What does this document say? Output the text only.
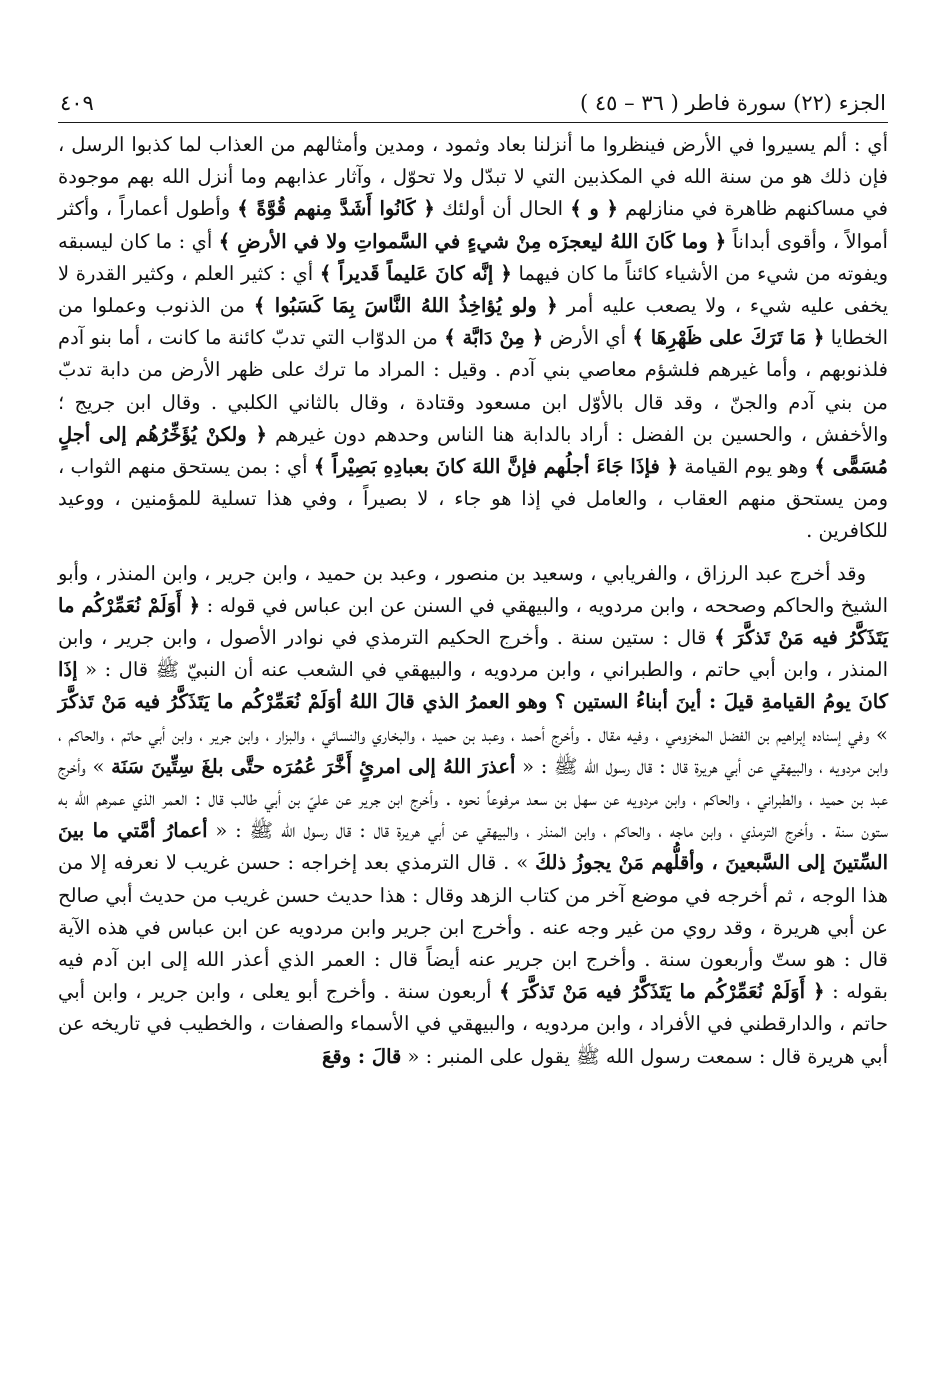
الجزء (٢٢) سورة فاطر ( ٣٦ – ٤٥ )
٤٠٩

أي : ألم يسيروا في الأرض فينظروا ما أنزلنا بعاد وثمود ، ومدين وأمثالهم من العذاب لما كذبوا الرسل ، فإن ذلك هو من سنة الله في المكذبين التي لا تبدّل ولا تحوّل ، وآثار عذابهم وما أنزل الله بهم موجودة في مساكنهم ظاهرة في منازلهم ﴿ و ﴾ الحال أن أولئك ﴿ كَانُوا أَشَدَّ مِنهم قُوَّةً ﴾ وأطول أعماراً ، وأكثر أموالاً ، وأقوى أبداناً ﴿ وما كَانَ اللهُ ليعجزَه مِنْ شيءٍ في السَّمواتِ ولا في الأرضِ ﴾ أي : ما كان ليسبقه ويفوته من شيء من الأشياء كائناً ما كان فيهما ﴿ إنَّه كانَ عَليماً قَديراً ﴾ أي : كثير العلم ، وكثير القدرة لا يخفى عليه شيء ، ولا يصعب عليه أمر ﴿ ولو يُؤاخِذُ اللهُ النَّاسَ بِمَا كَسَبُوا ﴾ من الذنوب وعملوا من الخطايا ﴿ مَا تَرَكَ على ظَهْرِهَا ﴾ أي الأرض ﴿ مِنْ دَابَّة ﴾ من الدوّاب التي تدبّ كائنة ما كانت ، أما بنو آدم فلذنوبهم ، وأما غيرهم فلشؤم معاصي بني آدم . وقيل : المراد ما ترك على ظهر الأرض من دابة تدبّ من بني آدم والجنّ ، وقد قال بالأوّل ابن مسعود وقتادة ، وقال بالثاني الكلبي . وقال ابن جريج ؛ والأخفش ، والحسين بن الفضل : أراد بالدابة هنا الناس وحدهم دون غيرهم ﴿ ولكنْ يُؤَخِّرُهُم إلى أجلٍ مُسَمًّى ﴾ وهو يوم القيامة ﴿ فإذَا جَاءَ أجلُهم فإنَّ اللهَ كانَ بعبادِهِ بَصِيْراً ﴾ أي : بمن يستحق منهم الثواب ، ومن يستحق منهم العقاب ، والعامل في إذا هو جاء ، لا بصيراً ، وفي هذا تسلية للمؤمنين ، ووعيد للكافرين .

وقد أخرج عبد الرزاق ، والفريابي ، وسعيد بن منصور ، وعبد بن حميد ، وابن جرير ، وابن المنذر ، وأبو الشيخ والحاكم وصححه ، وابن مردويه ، والبيهقي في السنن عن ابن عباس في قوله : ﴿ أَوَلَمْ نُعَمِّرْكُم ما يَتَذَكَّرُ فيه مَنْ تَذكَّرَ ﴾ قال : ستين سنة . وأخرج الحكيم الترمذي في نوادر الأصول ، وابن جرير ، وابن المنذر ، وابن أبي حاتم ، والطبراني ، وابن مردويه ، والبيهقي في الشعب عنه أن النبيّ ﷺ قال : « إذَا كانَ يومُ القيامةِ قيلَ : أينَ أبناءُ الستين ؟ وهو العمرُ الذي قالَ اللهُ أوَلَمْ نُعَمِّرْكُم ما يَتَذَكَّرُ فيه مَنْ تَذكَّرَ » وفي إسناده إبراهيم بن الفضل المخزومي ، وفيه مقال . وأخرج أحمد ، وعبد بن حميد ، والبخاري والنسائي ، والبزار ، وابن جرير ، وابن أبي حاتم ، والحاكم ، وابن مردويه ، والبيهقي عن أبي هريرة قال : قال رسول الله ﷺ : « أعذرَ اللهُ إلى امرئٍ أَخَّرَ عُمُرَه حتَّى بلغَ سِتِّينَ سَنَة » وأخرج عبد بن حميد ، والطبراني ، والحاكم ، وابن مردويه عن سهل بن سعد مرفوعاً نحوه . وأخرج ابن جرير عن عليّ بن أبي طالب قال : العمر الذي عمرهم الله به ستون سنة . وأخرج الترمذي ، وابن ماجه ، والحاكم ، وابن المنذر ، والبيهقي عن أبي هريرة قال : قال رسول الله ﷺ : « أعمارُ أمَّتي ما بينَ السِّتينَ إلى السَّبعينَ ، وأقلُّهم مَنْ يجوزُ ذلكَ » . قال الترمذي بعد إخراجه : حسن غريب لا نعرفه إلا من هذا الوجه ، ثم أخرجه في موضع آخر من كتاب الزهد وقال : هذا حديث حسن غريب من حديث أبي صالح عن أبي هريرة ، وقد روي من غير وجه عنه . وأخرج ابن جرير وابن مردويه عن ابن عباس في هذه الآية قال : هو ستّ وأربعون سنة . وأخرج ابن جرير عنه أيضاً قال : العمر الذي أعذر الله إلى ابن آدم فيه بقوله : ﴿ أَوَلَمْ نُعَمِّرْكُم ما يَتَذَكَّرُ فيه مَنْ تَذكَّرَ ﴾ أربعون سنة . وأخرج أبو يعلى ، وابن جرير ، وابن أبي حاتم ، والدارقطني في الأفراد ، وابن مردويه ، والبيهقي في الأسماء والصفات ، والخطيب في تاريخه عن أبي هريرة قال : سمعت رسول الله ﷺ يقول على المنبر : « قالَ : وقعَ
